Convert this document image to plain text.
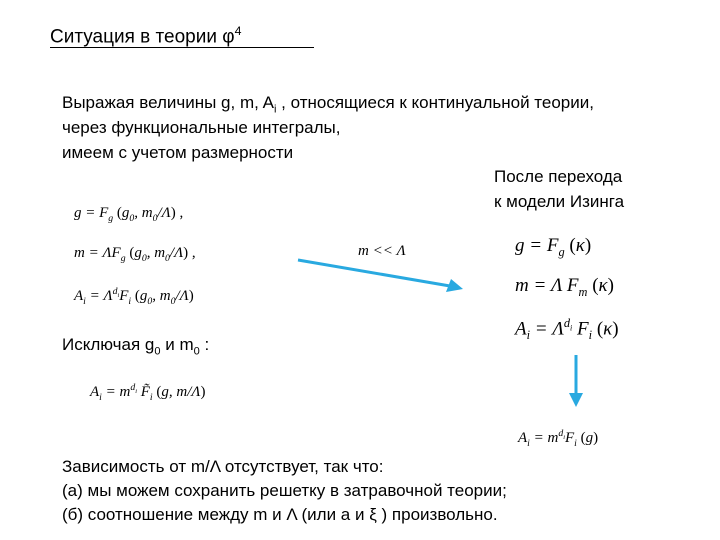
Ситуация в теории $\varphi^4$
Выражая величины g, m, $A_i$ , относящиеся к континуальной теории,
через функциональные интегралы,
имеем с учетом размерности
После перехода
к модели Изинга
$g = F_g$ ($g_0$, $m_0/\Lambda$) ,
$m = \Lambda F_g$ ($g_0$, $m_0/\Lambda$) ,
$A_i = \Lambda^{d_i}F_i$ ($g_0$, $m_0/\Lambda$)
m << Λ	$g = F_g$ (κ)
m = Λ $F_m$ (κ)
$A_i = \Lambda^{d_i}$ $F_i$ (κ)
Исключая $g_0$ и $m_0$ :
$A_i = m^{d_i}$ $F̃_i$ (g, m/Λ)
$A_i = m^{d_i}F_i$ (g)
Зависимость от m/Λ отсутствует, так что:
(а) мы можем сохранить решетку в затравочной теории;
(б) соотношение между m и Λ (или a и ξ ) произвольно.
